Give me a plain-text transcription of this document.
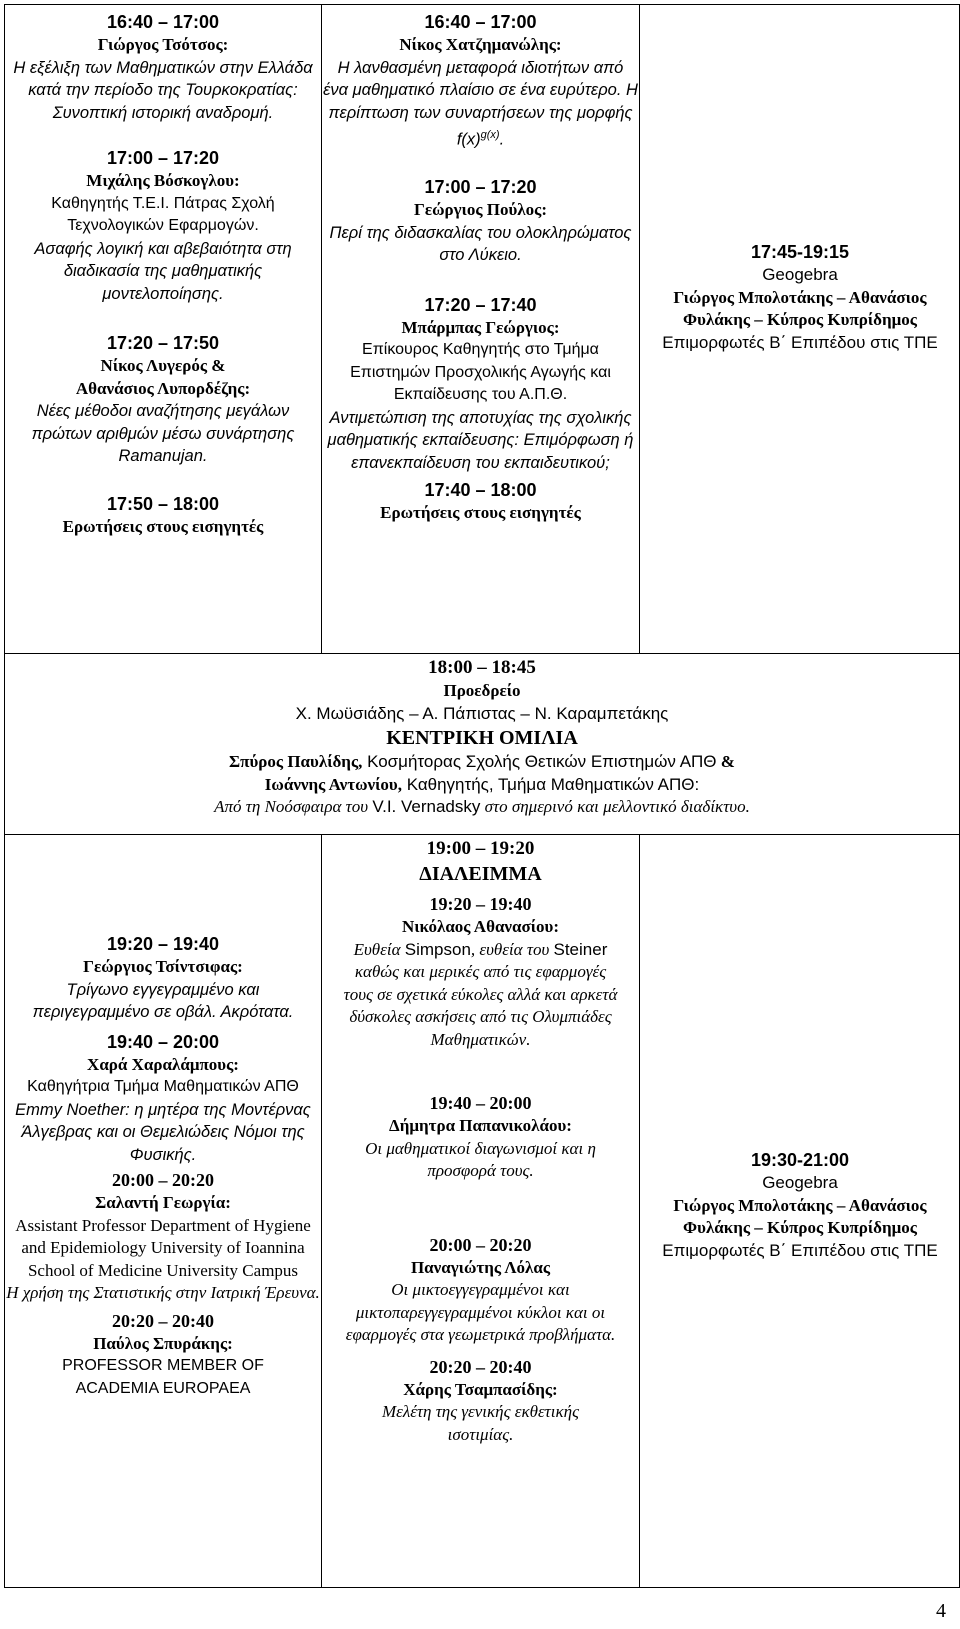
16:40 – 17:00
Γιώργος Τσότσος:
Η εξέλιξη των Μαθηματικών στην Ελλάδα κατά την περίοδο της Τουρκοκρατίας: Συνοπτική ιστορική αναδρομή.
17:00 – 17:20
Μιχάλης Βόσκογλου:
Καθηγητής Τ.Ε.Ι. Πάτρας Σχολή Τεχνολογικών Εφαρμογών.
Ασαφής λογική και αβεβαιότητα στη διαδικασία της μαθηματικής μοντελοποίησης.
17:20 – 17:50
Νίκος Λυγερός &
Αθανάσιος Λυπορδέζης:
Νέες μέθοδοι αναζήτησης μεγάλων πρώτων αριθμών μέσω συνάρτησης Ramanujan.
17:50 – 18:00
Ερωτήσεις στους εισηγητές
16:40 – 17:00
Νίκος Χατζημανώλης:
Η λανθασμένη μεταφορά ιδιοτήτων από ένα μαθηματικό πλαίσιο σε ένα ευρύτερο. Η περίπτωση των συναρτήσεων της μορφής $f(x)^{g(x)}$.
17:00 – 17:20
Γεώργιος Πούλος:
Περί της διδασκαλίας του ολοκληρώματος στο Λύκειο.
17:20 – 17:40
Μπάρμπας Γεώργιος:
Επίκουρος Καθηγητής στο Τμήμα Επιστημών Προσχολικής Αγωγής και Εκπαίδευσης του Α.Π.Θ.
Αντιμετώπιση της αποτυχίας της σχολικής μαθηματικής εκπαίδευσης: Επιμόρφωση ή επανεκπαίδευση του εκπαιδευτικού;
17:40 – 18:00
Ερωτήσεις στους εισηγητές
17:45-19:15
Geogebra
Γιώργος Μπολοτάκης – Αθανάσιος Φυλάκης – Κύπρος Κυπρίδημος
Επιμορφωτές Β΄ Επιπέδου στις ΤΠΕ
18:00 – 18:45
Προεδρείο
Χ. Μωϋσιάδης – Α. Πάπιστας – Ν. Καραμπετάκης
ΚΕΝΤΡΙΚΗ ΟΜΙΛΙΑ
Σπύρος Παυλίδης, Κοσμήτορας Σχολής Θετικών Επιστημών ΑΠΘ &
Ιωάννης Αντωνίου, Καθηγητής, Τμήμα Μαθηματικών ΑΠΘ:
Από τη Νοόσφαιρα του V.I. Vernadsky στο σημερινό και μελλοντικό διαδίκτυο.
19:00 – 19:20
ΔΙΑΛΕΙΜΜΑ
19:20 – 19:40
Γεώργιος Τσίντσιφας:
Τρίγωνο εγγεγραμμένο και περιγεγραμμένο σε οβάλ. Ακρότατα.
19:40 – 20:00
Χαρά Χαραλάμπους:
Καθηγήτρια Τμήμα Μαθηματικών ΑΠΘ
Emmy Noether: η μητέρα της Μοντέρνας Άλγεβρας και οι Θεμελιώδεις Νόμοι της Φυσικής.
20:00 – 20:20
Σαλαντή Γεωργία:
Assistant Professor Department of Hygiene and Epidemiology University of Ioannina School of Medicine University Campus
Η χρήση της Στατιστικής στην Ιατρική Έρευνα.
20:20 – 20:40
Παύλος Σπυράκης:
PROFESSOR MEMBER OF ACADEMIA EUROPAEA
19:20 – 19:40
Νικόλαος Αθανασίου:
Ευθεία Simpson, ευθεία του Steiner καθώς και μερικές από τις εφαρμογές τους σε σχετικά εύκολες αλλά και αρκετά δύσκολες ασκήσεις από τις Ολυμπιάδες Μαθηματικών.
19:40 – 20:00
Δήμητρα Παπανικολάου:
Οι μαθηματικοί διαγωνισμοί και η προσφορά τους.
20:00 – 20:20
Παναγιώτης Λόλας
Οι μικτοεγγεγραμμένοι και μικτοπαρεγγεγραμμένοι κύκλοι και οι εφαρμογές στα γεωμετρικά προβλήματα.
20:20 – 20:40
Χάρης Τσαμπασίδης:
Μελέτη της γενικής εκθετικής ισοτιμίας.
19:30-21:00
Geogebra
Γιώργος Μπολοτάκης – Αθανάσιος Φυλάκης – Κύπρος Κυπρίδημος
Επιμορφωτές Β΄ Επιπέδου στις ΤΠΕ
4
